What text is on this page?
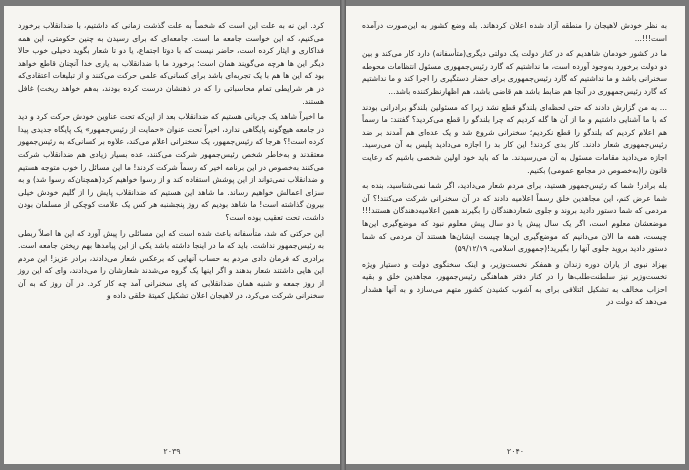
کرد. این نه به علت این است که شخصاً به علت گذشت زمانی که داشتیم، با ضدانقلاب برخورد می‌کنیم، که این خواست جامعه ما است. جامعه‌ای که برای رسیدن به چنین حکومتی، این همه فداکاری و ایثار کرده است، حاضر نیست که با دوتا اجتماع، یا دو تا شعار بگوید دخیلی خوب حالا دیگر این ها هرچه می‌گویند همان است؛ برخورد ما با ضدانقلاب به یاری خدا آنچنان قاطع خواهد بود که این ها هم با یک تجربه‌ای باشد برای کسانی‌که علمی حرکت می‌کنند و از تبلیغات اعتقادی‌که در هر شرایطی تمام محاسباتی را که در ذهنشان درست کرده بودند، به‌هم خواهد ریخت) غافل هستند.

ما اخیراً شاهد یک جریانی هستیم که ضدانقلاب بعد از این‌که تحت عناوین خودش حرکت کرد و دید در جامعه هیچ‌گونه پایگاهی ندارد، اخیراً تحت عنوان «حمایت از رئیس‌جمهور» یک پایگاه جدیدی پیدا کرده است!؟ هرجا که رئیس‌جمهور، یک سخنرانی اعلام می‌کند، علاوه بر کسانی‌که به رئیس‌جمهور معتقدند و به‌خاطر شخص رئیس‌جمهور شرکت می‌کنند، عده بسیار زیادی هم ضدانقلاب شرکت می‌کنند به‌خصوص در این برنامه اخیر که رسماً شرکت کردند! ما این مسائل را خوب متوجه هستیم و ضدانقلاب نمی‌تواند از این پوشش استفاده کند و از رسوا خواهیم کرد(همچنان‌که رسوا شد) و به سزای اعمالش خواهیم رساند. ما شاهد این هستیم که ضدانقلاب پایش را از گلیم خودش خیلی بیرون گذاشته است! ما شاهد بودیم که روز پنجشنبه هر کس یک علامت کوچکی از مسلمان بودن داشت، تحت تعقیب بوده است؟

این حرکتی که شد، متأسفانه باعث شده است که این مسائلی را پیش آورد که این ها اصلاً ربطی به رئیس‌جمهور نداشت. باید که ما در اینجا داشته باشد یکی از این پیامدها بهم ریختن جامعه است. برادری که فرمان دادی مردم به حساب آنهایی که برعکس شعار می‌دادند، برادر عزیز! این مردم این هایی داشتند شعار بدهند و اگر اینها یک گروه می‌شدند شعارشان را می‌دادند، وای که این روز از روز جمعه و شنبه همان ضدانقلابی که پای سخنرانی آمد چه کار کرد. در آن روز که به آن سخنرانی شرکت می‌کرد، در لاهیجان اعلان تشکیل کمیتهٔ خلقی داده و

۲۰۳۹

به نظر خودش لاهیجان را منطقه آزاد شده اعلان کردهاند. بله وضع کشور به این‌صورت درآمده است!!!...

ما در کشور خودمان شاهدیم که در کنار دولت یک دولتی دیگری(متأسفانه) دارد کار می‌کند و بین دو دولت برخورد به‌وجود آورده است، ما نداشتیم که گارد رئیس‌جمهوری مسئول انتظامات محوطه سخنرانی باشد و ما نداشتیم که گارد رئیس‌جمهوری برای حضار دستگیری را اجرا کند و ما نداشتیم که گارد رئیس‌جمهوری در آنجا هم ضابط باشد هم قاضی باشد، هم اظهارنظرکننده باشد...

... به من گزارش دادند که حتی لحظه‌ای بلندگو قطع نشد زیرا که مسئولین بلندگو برادرانی بودند که با ما آشنایی داشتیم و ما از آن ها گله کردیم که چرا بلندگو را قطع می‌کردید؟ گفتند: ما رسماً هم اعلام کردیم که بلندگو را قطع نکردیم؛ سخنرانی شروع شد و یک عده‌ای هم آمدند بر ضد رئیس‌جمهوری شعار دادند. کار بدی کردند! این کار بد را اجازه می‌دادید پلیس به آن می‌رسید. اجازه می‌دادید مقامات مسئول به آن می‌رسیدند. ما که باید خود اولین شخصی باشیم که رعایت قانون را(به‌خصوص در مجامع عمومی) بکنیم.

بله برادر! شما که رئیس‌جمهور هستید، برای مردم شعار می‌دادید، اگر شما نمی‌شناسید، بنده به شما عرض کنم، این مجاهدین خلق رسماً اعلامیه دادند که در آن سخنرانی شرکت می‌کنند!؟ آن مردمی که شما دستور دادید بروند و جلوی شعاردهندگان را بگیرند همین اعلامیه‌دهندگان هستند!!! موضعشان معلوم است، اگر یک سال پیش یا دو سال پیش معلوم نبود که موضع‌گیری این‌ها چیست، همه ما الان می‌دانیم که موضع‌گیری این‌ها چیست ایشان‌ها هستند آن مردمی که شما دستور دادید بروید جلوی آنها را بگیرید!(جمهوری اسلامی، ۵۹/۱۲/۱۹)

بهزاد نبوی از یاران دوره زندان و همفکر نخست‌وزیر، و اینک سخنگوی دولت و دستیار ویژه نخست‌وزیر نیز سلطنت‌طلب‌ها را در کنار دفتر هماهنگی رئیس‌جمهور، مجاهدین خلق و بقیه احزاب مخالف به تشکیل ائتلافی برای به آشوب کشیدن کشور متهم می‌سازد و به آنها هشدار می‌دهد که دولت در

۲۰۴۰
